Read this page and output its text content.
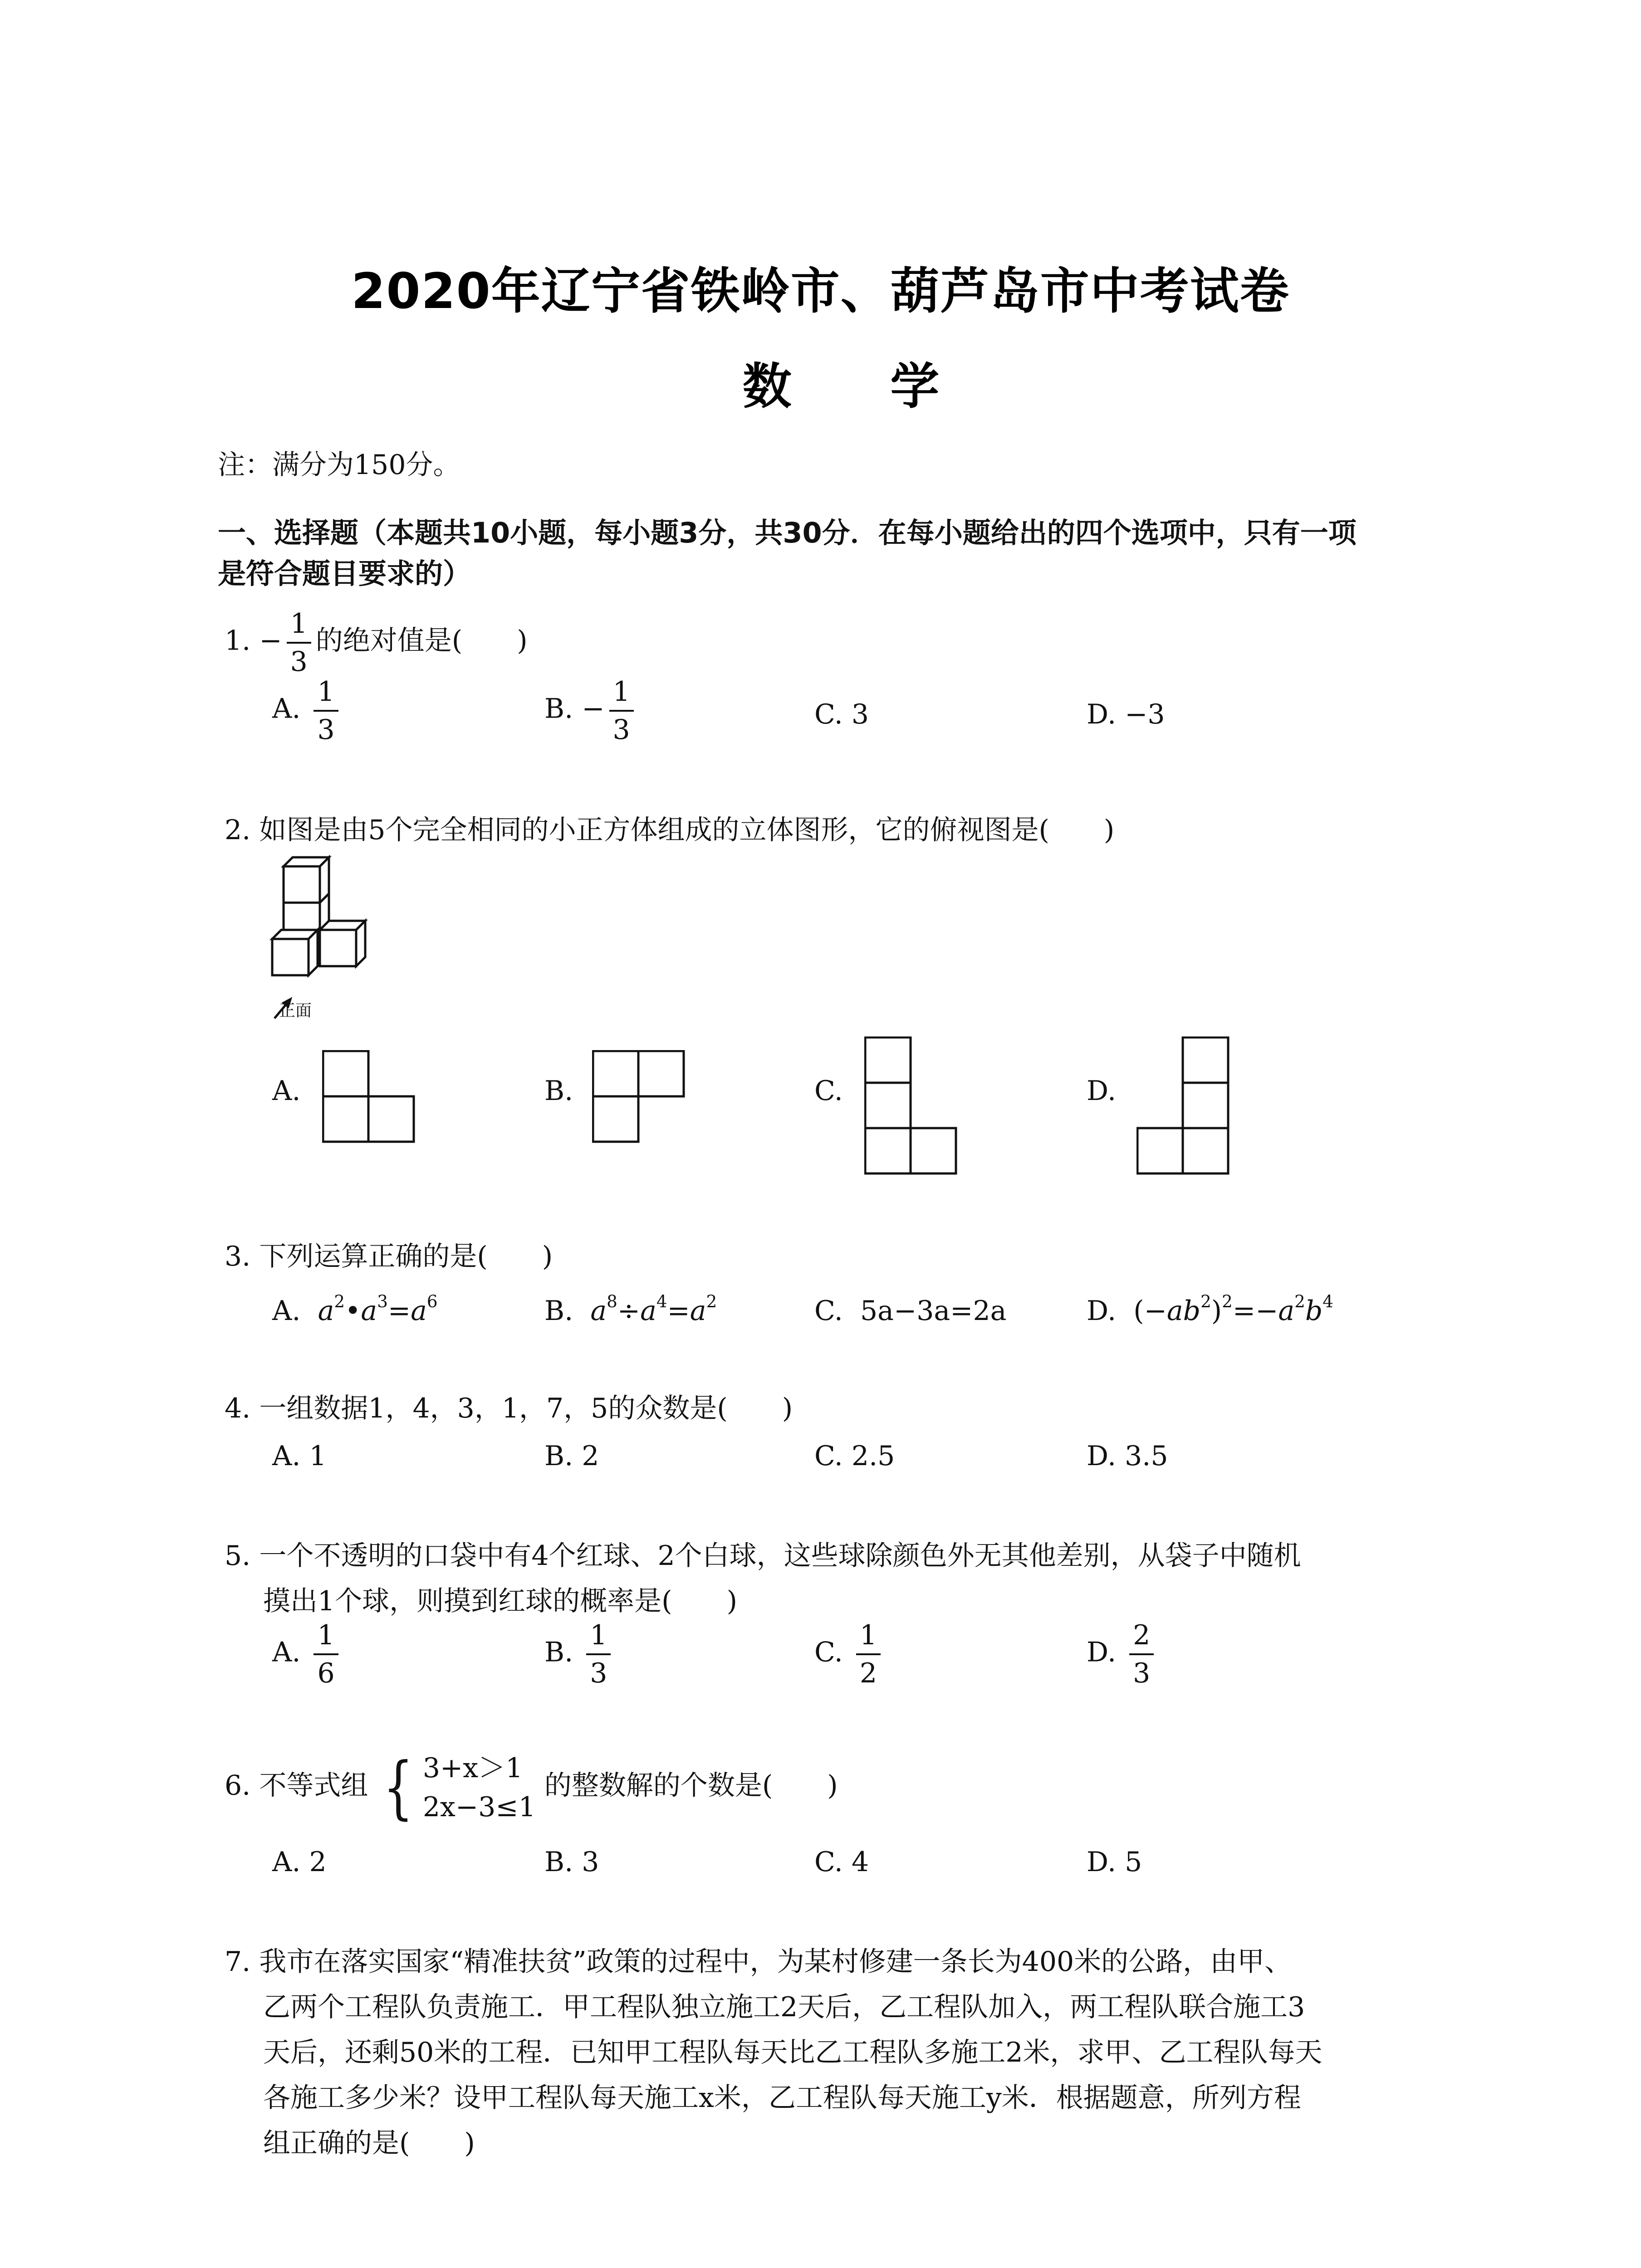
2020年辽宁省铁岭市、葫芦岛市中考试卷
数 学
注：满分为150分。
一、选择题（本题共10小题，每小题3分，共30分．在每小题给出的四个选项中，只有一项
是符合题目要求的）
1. − $\frac{1}{3}$ 的绝对值是(　　)
A. $\frac{1}{3}$	B. − $\frac{1}{3}$	C. 3	D. −3
2. 如图是由5个完全相同的小正方体组成的立体图形，它的俯视图是(　　)
正面
A.	B.	C.	D.
3. 下列运算正确的是(　　)
A. $a^2•a^3=a^6$	B. $a^8\div a^4=a^2$	C. 5a−3a=2a	D.  $(-ab^2)^2=-a^2b^4$
4. 一组数据1，4，3，1，7，5的众数是(　　)
A. 1	B. 2	C. 2.5	D. 3.5
5. 一个不透明的口袋中有4个红球、2个白球，这些球除颜色外无其他差别，从袋子中随机
摸出1个球，则摸到红球的概率是(　　)
A. $\frac{1}{6}$	B. $\frac{1}{3}$	C. $\frac{1}{2}$	D. $\frac{2}{3}$
6. 不等式组 { 3+x＞1
2x−3≤1
的整数解的个数是(　　)
A. 2	B. 3	C. 4	D. 5
7. 我市在落实国家“精准扶贫”政策的过程中，为某村修建一条长为400米的公路，由甲、
乙两个工程队负责施工．甲工程队独立施工2天后，乙工程队加入，两工程队联合施工3
天后，还剩50米的工程．已知甲工程队每天比乙工程队多施工2米，求甲、乙工程队每天
各施工多少米？设甲工程队每天施工x米，乙工程队每天施工y米．根据题意，所列方程
组正确的是(　　)
